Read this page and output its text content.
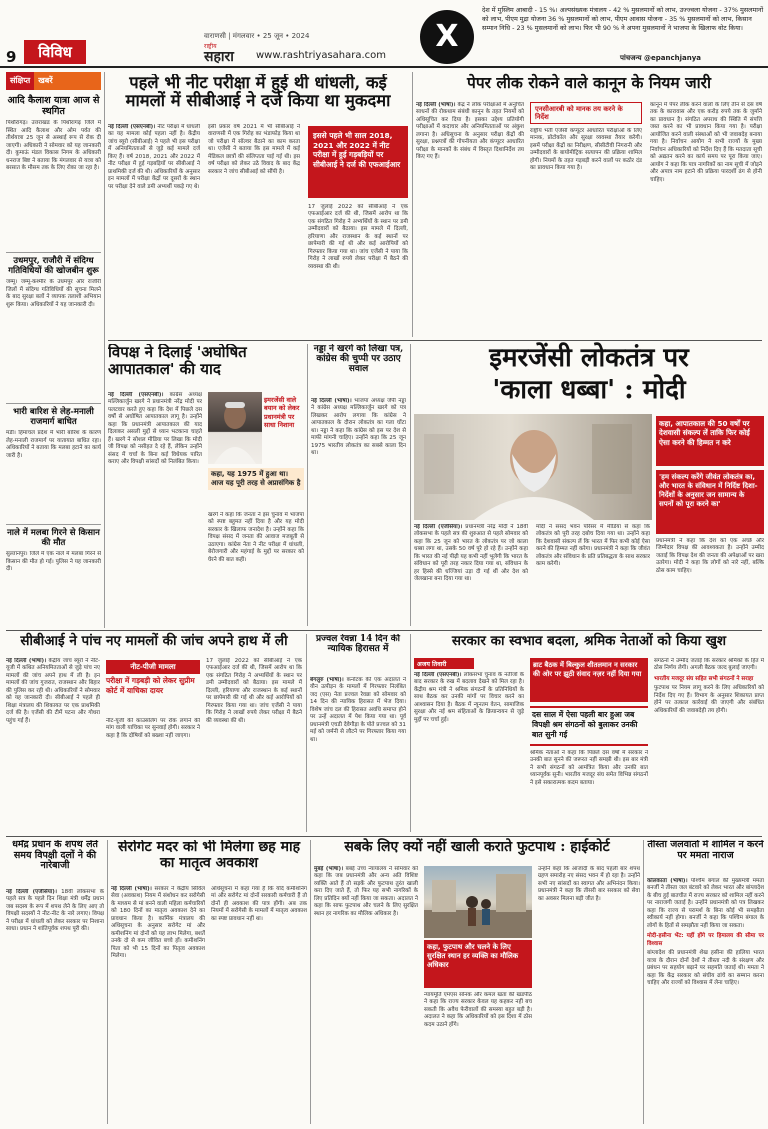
9	विविध
वाराणसी | मंगलवार • 25 जून • 2024
राष्ट्रीय
सहारा	www.rashtriyasahara.com
X
देश में मुस्लिम आबादी - 15 %। अल्पसंख्यक मंत्रालय - 42 % मुसलमानों को लाभ, उज्ज्वला योजना - 37% मुसलमानों को लाभ, पीएम मुद्रा योजना 36 % मुसलमानों को लाभ, पीएम आवास योजना - 35 % मुसलमानों को लाभ, किसान सम्मान निधि - 23 % मुसलमानों को लाभ। फिर भी 90 % ने अपना मुसलमानों ने भाजपा के खिलाफ वोट किया।
पांचजन्य @epanchjanya
संक्षिप्त	खबरें
आदि कैलाश यात्रा आज से स्थगित
पिथौरागढ़। उत्तराखंड के पिथौरागढ़ जिले में स्थित आदि कैलाश और ओम पर्वत की तीर्थयात्रा 25 जून से अस्थाई रूप से रोक दी जाएगी। अधिकारी ने सोमवार को यह जानकारी दी। कुमाऊं मंडल विकास निगम के अधिकारी धनराज बिष्ट ने बताया कि मंगलवार से यात्रा को बरसात के मौसम तक के लिए रोका जा रहा है।
उधमपुर, राजौरी में संदिग्ध गतिविधियों की खोजबीन शुरू
जम्मू। जम्मू-कश्मीर के उधमपुर और राजौरी जिलों में संदिग्ध गतिविधियों की सूचना मिलने के बाद सुरक्षा बलों ने व्यापक तलाशी अभियान शुरू किया। अधिकारियों ने यह जानकारी दी।
भारी बारिश से लेह-मनाली राजमार्ग बाधित
मंडी। हिमाचल प्रदेश में भारी बारिश के कारण लेह-मनाली राजमार्ग पर यातायात बाधित रहा। अधिकारियों ने बताया कि मलबा हटाने का कार्य जारी है।
नाले में मलबा गिरने से किसान की मौत
सुल्तानपुर। जिले में एक नाले में मलबा गिरने से किसान की मौत हो गई। पुलिस ने यह जानकारी दी।
पहले भी नीट परीक्षा में हुई थी धांधली, कई मामलों में सीबीआई ने दर्ज किया था मुकदमा
नई दिल्ली (एसएनबी)। नीट परीक्षा में धांधली का यह मामला कोई पहला नहीं है। केंद्रीय जांच ब्यूरो (सीबीआई) ने पहले भी इस परीक्षा में अनियमितताओं से जुड़े कई मामले दर्ज किए हैं। वर्ष 2018, 2021 और 2022 में नीट परीक्षा में हुई गड़बड़ियों पर सीबीआई ने प्राथमिकी दर्ज की थी। अधिकारियों के अनुसार इन मामलों में परीक्षा केंद्रों पर दूसरों के स्थान पर परीक्षा देने वाले डमी अभ्यर्थी पकड़े गए थे।
इसी प्रकार वर्ष 2021 में भी सीबीआई ने वाराणसी में एक गिरोह का भंडाफोड़ किया था जो परीक्षा में सॉल्वर बैठाने का काम करता था। एजेंसी ने बताया कि इस मामले में कई मेडिकल छात्रों की संलिप्तता पाई गई थी। इस वर्ष परीक्षा को लेकर उठे विवाद के बाद केंद्र सरकार ने जांच सीबीआई को सौंपी है।
इससे पहले भी साल 2018, 2021 और 2022 में नीट परीक्षा में हुई गड़बड़ियों पर सीबीआई ने दर्ज की एफआईआर
17 जुलाई 2022 को सीबीआई ने एक एफआईआर दर्ज की थी, जिसमें आरोप था कि एक संगठित गिरोह ने अभ्यर्थियों के स्थान पर डमी उम्मीदवारों को बैठाया। इस मामले में दिल्ली, हरियाणा और राजस्थान के कई स्थानों पर छापेमारी की गई थी और कई आरोपियों को गिरफ्तार किया गया था। जांच एजेंसी ने पाया कि गिरोह ने लाखों रुपये लेकर परीक्षा में बैठने की व्यवस्था की थी।
पेपर लीक रोकने वाले कानून के नियम जारी
नई दिल्ली (भाषा)। केंद्र ने लोक परीक्षाओं में अनुचित साधनों की रोकथाम संबंधी कानून के तहत नियमों को अधिसूचित कर दिया है। इसका उद्देश्य प्रतियोगी परीक्षाओं में कदाचार और अनियमितताओं पर अंकुश लगाना है। अधिसूचना के अनुसार परीक्षा केंद्रों की सुरक्षा, प्रश्नपत्रों की गोपनीयता और कंप्यूटर आधारित परीक्षा के मानकों के संबंध में विस्तृत दिशानिर्देश तय किए गए हैं।
एनसीआरबी को मानक तय करने के निर्देश
राष्ट्रीय भर्ती एजेंसी कंप्यूटर आधारित परीक्षाओं के लिए मानक, प्रोटोकॉल और सुरक्षा व्यवस्था तैयार करेगी। इसमें परीक्षा केंद्रों का निरीक्षण, सीसीटीवी निगरानी और उम्मीदवारों के बायोमीट्रिक सत्यापन की प्रक्रिया शामिल होगी। नियमों के तहत गड़बड़ी करने वालों पर कठोर दंड का प्रावधान किया गया है।
कानून में पेपर लीक करने वालों के लिए तीन से दस वर्ष तक के कारावास और एक करोड़ रुपये तक के जुर्माने का प्रावधान है। संगठित अपराध की स्थिति में संपत्ति जब्त करने का भी प्रावधान किया गया है। परीक्षा आयोजित करने वाली संस्थाओं को भी जवाबदेह बनाया गया है। निर्वाचन आयोग ने सभी राज्यों के मुख्य निर्वाचन अधिकारियों को निर्देश दिए हैं कि मतदाता सूची को अद्यतन करने का कार्य समय पर पूरा किया जाए। आयोग ने कहा कि पात्र नागरिकों का नाम सूची में जोड़ने और अपात्र नाम हटाने की प्रक्रिया पारदर्शी ढंग से होनी चाहिए।
विपक्ष ने दिलाई 'अघोषित आपातकाल' की याद
नई दिल्ली (एसएनबी)। कांग्रेस अध्यक्ष मल्लिकार्जुन खरगे ने प्रधानमंत्री नरेंद्र मोदी पर पलटवार करते हुए कहा कि देश में पिछले दस वर्षों से अघोषित आपातकाल लागू है। उन्होंने कहा कि प्रधानमंत्री आपातकाल की याद दिलाकर असली मुद्दों से ध्यान भटकाना चाहते हैं। खरगे ने सोशल मीडिया पर लिखा कि मोदी जी विपक्ष को नसीहत दे रहे हैं, लेकिन उन्होंने संसद में चर्चा के बिना कई विधेयक पारित कराए और विपक्षी सांसदों को निलंबित किया।
इमरजेंसी वाले बयान को लेकर प्रधानमंत्री पर साधा निशाना
कहा, यह 1975 में हुआ था। आज यह पूरी तरह से अप्रासंगिक है
खरगे ने कहा कि जनता ने इस चुनाव में भाजपा को स्पष्ट बहुमत नहीं दिया है और यह मोदी सरकार के खिलाफ जनादेश है। उन्होंने कहा कि विपक्ष संसद में जनता की आवाज मजबूती से उठाएगा। कांग्रेस नेता ने नीट परीक्षा में धांधली, बेरोजगारी और महंगाई के मुद्दों पर सरकार को घेरने की बात कही।
नड्डा ने खरगे को लिखा पत्र, कांग्रेस की चुप्पी पर उठाए सवाल
नई दिल्ली (भाषा)। भाजपा अध्यक्ष जेपी नड्डा ने कांग्रेस अध्यक्ष मल्लिकार्जुन खरगे को पत्र लिखकर आरोप लगाया कि कांग्रेस ने आपातकाल के दौरान लोकतंत्र का गला घोंटा था। नड्डा ने कहा कि कांग्रेस को इस पर देश से माफी मांगनी चाहिए। उन्होंने कहा कि 25 जून 1975 भारतीय लोकतंत्र का सबसे काला दिन था।
इमरजेंसी लोकतंत्र पर
'काला धब्बा' : मोदी
कहा, आपातकाल की 50 वर्षों पर देशवासी संकल्प लें ताकि फिर कोई ऐसा करने की हिम्मत न करे
'हम संकल्प करेंगे जीवंत लोकतंत्र का, और भारत के संविधान में निर्दिष्ट दिशा-निर्देशों के अनुसार जन सामान्य के सपनों को पूरा करने का'
नई दिल्ली (एजेंसियां)। प्रधानमंत्री नरेंद्र मोदी ने 18वीं लोकसभा के पहले सत्र की शुरुआत से पहले सोमवार को कहा कि 25 जून को भारत के लोकतंत्र पर जो काला धब्बा लगा था, उसके 50 वर्ष पूरे हो रहे हैं। उन्होंने कहा कि भारत की नई पीढ़ी यह कभी नहीं भूलेगी कि भारत के संविधान को पूरी तरह नकार दिया गया था, संविधान के हर हिस्से की धज्जियां उड़ा दी गई थीं और देश को जेलखाना बना दिया गया था।
मोदी ने संसद भवन परिसर में मीडिया से कहा कि लोकतंत्र को पूरी तरह दबोच दिया गया था। उन्होंने कहा कि देशवासी संकल्प लें कि भारत में फिर कभी कोई ऐसा करने की हिम्मत नहीं करेगा। प्रधानमंत्री ने कहा कि जीवंत लोकतंत्र और संविधान के प्रति प्रतिबद्धता के साथ सरकार काम करेगी।
प्रधानमंत्री ने कहा कि देश को एक अच्छे और जिम्मेदार विपक्ष की आवश्यकता है। उन्होंने उम्मीद जताई कि विपक्ष देश की जनता की अपेक्षाओं पर खरा उतरेगा। मोदी ने कहा कि लोगों को नारे नहीं, बल्कि ठोस काम चाहिए।
सीबीआई ने पांच नए मामलों की जांच अपने हाथ में ली
नई दिल्ली (भाषा)। केंद्रीय जांच ब्यूरो ने नीट-यूजी में कथित अनियमितताओं से जुड़े पांच नए मामलों की जांच अपने हाथ में ली है। इन मामलों की जांच गुजरात, राजस्थान और बिहार की पुलिस कर रही थी। अधिकारियों ने सोमवार को यह जानकारी दी। सीबीआई ने पहले ही शिक्षा मंत्रालय की शिकायत पर एक प्राथमिकी दर्ज की है। एजेंसी की टीमें पटना और गोधरा पहुंच गई हैं।
नीट-पीजी मामला
परीक्षा में गड़बड़ी को लेकर सुप्रीम कोर्ट में याचिका दायर
नीट-यूजी की काउंसलिंग पर रोक लगाने की मांग वाली याचिका पर सुनवाई होगी। सरकार ने कहा है कि दोषियों को बख्शा नहीं जाएगा।
17 जुलाई 2022 को सीबीआई ने एक एफआईआर दर्ज की थी, जिसमें आरोप था कि एक संगठित गिरोह ने अभ्यर्थियों के स्थान पर डमी उम्मीदवारों को बैठाया। इस मामले में दिल्ली, हरियाणा और राजस्थान के कई स्थानों पर छापेमारी की गई थी और कई आरोपियों को गिरफ्तार किया गया था। जांच एजेंसी ने पाया कि गिरोह ने लाखों रुपये लेकर परीक्षा में बैठने की व्यवस्था की थी।
प्रज्वल रेवन्ना 14 दिन की न्यायिक हिरासत में
बेंगलुरु (भाषा)। कर्नाटक की एक अदालत ने यौन उत्पीड़न के मामलों में गिरफ्तार निलंबित जद (एस) नेता प्रज्वल रेवन्ना को सोमवार को 14 दिन की न्यायिक हिरासत में भेज दिया। विशेष जांच दल की हिरासत अवधि समाप्त होने पर उन्हें अदालत में पेश किया गया था। पूर्व प्रधानमंत्री एचडी देवेगौड़ा के पोते प्रज्वल को 31 मई को जर्मनी से लौटने पर गिरफ्तार किया गया था।
सरकार का स्वभाव बदला, श्रमिक नेताओं को किया खुश
अजय तिवारी
नई दिल्ली (एसएनबी)। लोकसभा चुनाव के नतीजों के बाद सरकार के रुख में बदलाव देखने को मिल रहा है। केंद्रीय श्रम मंत्री ने श्रमिक संगठनों के प्रतिनिधियों के साथ बैठक कर उनकी मांगों पर विचार करने का आश्वासन दिया है। बैठक में न्यूनतम वेतन, सामाजिक सुरक्षा और नई श्रम संहिताओं के क्रियान्वयन से जुड़े मुद्दों पर चर्चा हुई।
ब्राट बैठक में बिल्कुल शीतलमान न सरकार की ओर पर झूठी संवाद नज़र नहीं दिया गया
दस साल में ऐसा पहली बार हुआ जब विपक्षी श्रम संगठनों को बुलाकर उनकी बात सुनी गई
श्रमिक नेताओं ने कहा कि पिछले दस वर्षों में सरकार ने उनकी बात सुनने की जरूरत नहीं समझी थी। इस बार मंत्री ने सभी संगठनों को आमंत्रित किया और उनकी बात ध्यानपूर्वक सुनी। भारतीय मजदूर संघ समेत विभिन्न संगठनों ने इसे सकारात्मक कदम बताया।
संगठनों ने उम्मीद जताई कि सरकार श्रमिकों के हित में ठोस निर्णय लेगी। अगली बैठक जल्द बुलाई जाएगी।
भारतीय मजदूर संघ सहित सभी संगठनों ने सराहा
फुटपाथ पर नियम लागू करने के लिए अधिकारियों को निर्देश दिए गए हैं। विभाग के अनुसार शिकायत प्राप्त होने पर तत्काल कार्रवाई की जाएगी और संबंधित अधिकारियों की जवाबदेही तय होगी।
धर्मेंद्र प्रधान के शपथ लेते समय विपक्षी दलों ने की नारेबाजी
नई दिल्ली (एजेंसियां)। 18वीं लोकसभा के पहले सत्र के पहले दिन शिक्षा मंत्री धर्मेंद्र प्रधान जब सदस्य के रूप में शपथ लेने के लिए आए तो विपक्षी सदस्यों ने नीट-नीट के नारे लगाए। विपक्ष ने परीक्षा में धांधली को लेकर सरकार पर निशाना साधा। प्रधान ने शांतिपूर्वक शपथ पूरी की।
सेरोगेट मदर को भी मिलेगा छह माह का मातृत्व अवकाश
नई दिल्ली (भाषा)। सरकार ने केंद्रीय सिविल सेवा (अवकाश) नियम में संशोधन कर सरोगेसी के माध्यम से मां बनने वाली महिला कर्मचारियों को 180 दिनों का मातृत्व अवकाश देने का प्रावधान किया है। कार्मिक मंत्रालय की अधिसूचना के अनुसार सरोगेट मां और कमीशनिंग मां दोनों को यह लाभ मिलेगा, बशर्ते उनके दो से कम जीवित बच्चे हों। कमीशनिंग पिता को भी 15 दिनों का पितृत्व अवकाश मिलेगा।
अधिसूचना में कहा गया है कि यदि कमीशनिंग मां और सरोगेट मां दोनों सरकारी कर्मचारी हैं तो दोनों ही अवकाश की पात्र होंगी। अब तक नियमों में सरोगेसी के मामलों में मातृत्व अवकाश का स्पष्ट प्रावधान नहीं था।
सबके लिए क्यों नहीं खाली कराते फुटपाथ : हाईकोर्ट
मुंबई (भाषा)। बंबई उच्च न्यायालय ने सोमवार को कहा कि जब प्रधानमंत्री और अन्य अति विशिष्ट व्यक्ति आते हैं तो सड़कें और फुटपाथ तुरंत खाली करा दिए जाते हैं, तो फिर यह सभी नागरिकों के लिए प्रतिदिन क्यों नहीं किया जा सकता। अदालत ने कहा कि साफ फुटपाथ और चलने के लिए सुरक्षित स्थान हर नागरिक का मौलिक अधिकार है।
कहा, फुटपाथ और चलने के लिए सुरक्षित स्थान हर व्यक्ति का मौलिक अधिकार
न्यायमूर्ति एमएस सोनक और कमल खता की खंडपीठ ने कहा कि राज्य सरकार केवल यह कहकर नहीं बच सकती कि अवैध फेरीवालों की समस्या बहुत बड़ी है। अदालत ने कहा कि अधिकारियों को इस दिशा में ठोस कदम उठाने होंगे।
उन्होंने कहा कि आजादी के बाद पहली बार शपथ ग्रहण समारोह नए संसद भवन में हो रहा है। उन्होंने सभी नए सांसदों का स्वागत और अभिनंदन किया। प्रधानमंत्री ने कहा कि तीसरी बार सरकार को सेवा का अवसर मिलना बड़ी जीत है।
तीस्ता जलवार्ता में शामिल न करने पर ममता नाराज
कोलकाता (भाषा)। पश्चिम बंगाल की मुख्यमंत्री ममता बनर्जी ने तीस्ता जल बंटवारे को लेकर भारत और बांग्लादेश के बीच हुई बातचीत में राज्य सरकार को शामिल नहीं करने पर नाराजगी जताई है। उन्होंने प्रधानमंत्री को पत्र लिखकर कहा कि राज्य से परामर्श के बिना कोई भी समझौता स्वीकार्य नहीं होगा। बनर्जी ने कहा कि पश्चिम बंगाल के लोगों के हितों से समझौता नहीं किया जा सकता।
मोदी-हसीना भेंट: यहीं होंगे पर हिमालय की सीमा पर विश्वास
बांग्लादेश की प्रधानमंत्री शेख हसीना की हालिया भारत यात्रा के दौरान दोनों देशों ने तीस्ता नदी के संरक्षण और प्रबंधन पर सहयोग बढ़ाने पर सहमति जताई थी। ममता ने कहा कि केंद्र सरकार को संघीय ढांचे का सम्मान करना चाहिए और राज्यों को विश्वास में लेना चाहिए।
